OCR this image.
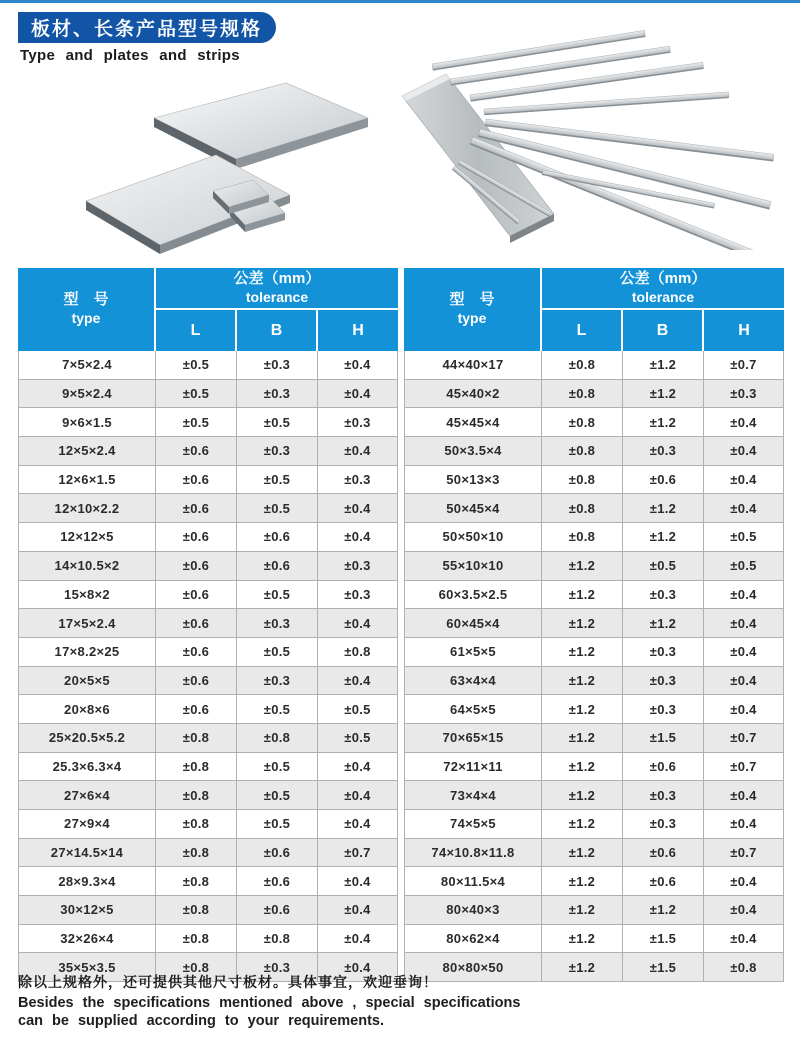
板材、长条产品型号规格
Type and plates and strips
型　号
type
公差（mm）
tolerance
L	B	H
7×5×2.4	±0.5	±0.3	±0.4
9×5×2.4	±0.5	±0.3	±0.4
9×6×1.5	±0.5	±0.5	±0.3
12×5×2.4	±0.6	±0.3	±0.4
12×6×1.5	±0.6	±0.5	±0.3
12×10×2.2	±0.6	±0.5	±0.4
12×12×5	±0.6	±0.6	±0.4
14×10.5×2	±0.6	±0.6	±0.3
15×8×2	±0.6	±0.5	±0.3
17×5×2.4	±0.6	±0.3	±0.4
17×8.2×25	±0.6	±0.5	±0.8
20×5×5	±0.6	±0.3	±0.4
20×8×6	±0.6	±0.5	±0.5
25×20.5×5.2	±0.8	±0.8	±0.5
25.3×6.3×4	±0.8	±0.5	±0.4
27×6×4	±0.8	±0.5	±0.4
27×9×4	±0.8	±0.5	±0.4
27×14.5×14	±0.8	±0.6	±0.7
28×9.3×4	±0.8	±0.6	±0.4
30×12×5	±0.8	±0.6	±0.4
32×26×4	±0.8	±0.8	±0.4
35×5×3.5	±0.8	±0.3	±0.4
型　号
type
公差（mm）
tolerance
L	B	H
44×40×17	±0.8	±1.2	±0.7
45×40×2	±0.8	±1.2	±0.3
45×45×4	±0.8	±1.2	±0.4
50×3.5×4	±0.8	±0.3	±0.4
50×13×3	±0.8	±0.6	±0.4
50×45×4	±0.8	±1.2	±0.4
50×50×10	±0.8	±1.2	±0.5
55×10×10	±1.2	±0.5	±0.5
60×3.5×2.5	±1.2	±0.3	±0.4
60×45×4	±1.2	±1.2	±0.4
61×5×5	±1.2	±0.3	±0.4
63×4×4	±1.2	±0.3	±0.4
64×5×5	±1.2	±0.3	±0.4
70×65×15	±1.2	±1.5	±0.7
72×11×11	±1.2	±0.6	±0.7
73×4×4	±1.2	±0.3	±0.4
74×5×5	±1.2	±0.3	±0.4
74×10.8×11.8	±1.2	±0.6	±0.7
80×11.5×4	±1.2	±0.6	±0.4
80×40×3	±1.2	±1.2	±0.4
80×62×4	±1.2	±1.5	±0.4
80×80×50	±1.2	±1.5	±0.8
除以上规格外，还可提供其他尺寸板材。具体事宜，欢迎垂询！
Besides the specifications mentioned above , special specifications
can be supplied according to your requirements.
